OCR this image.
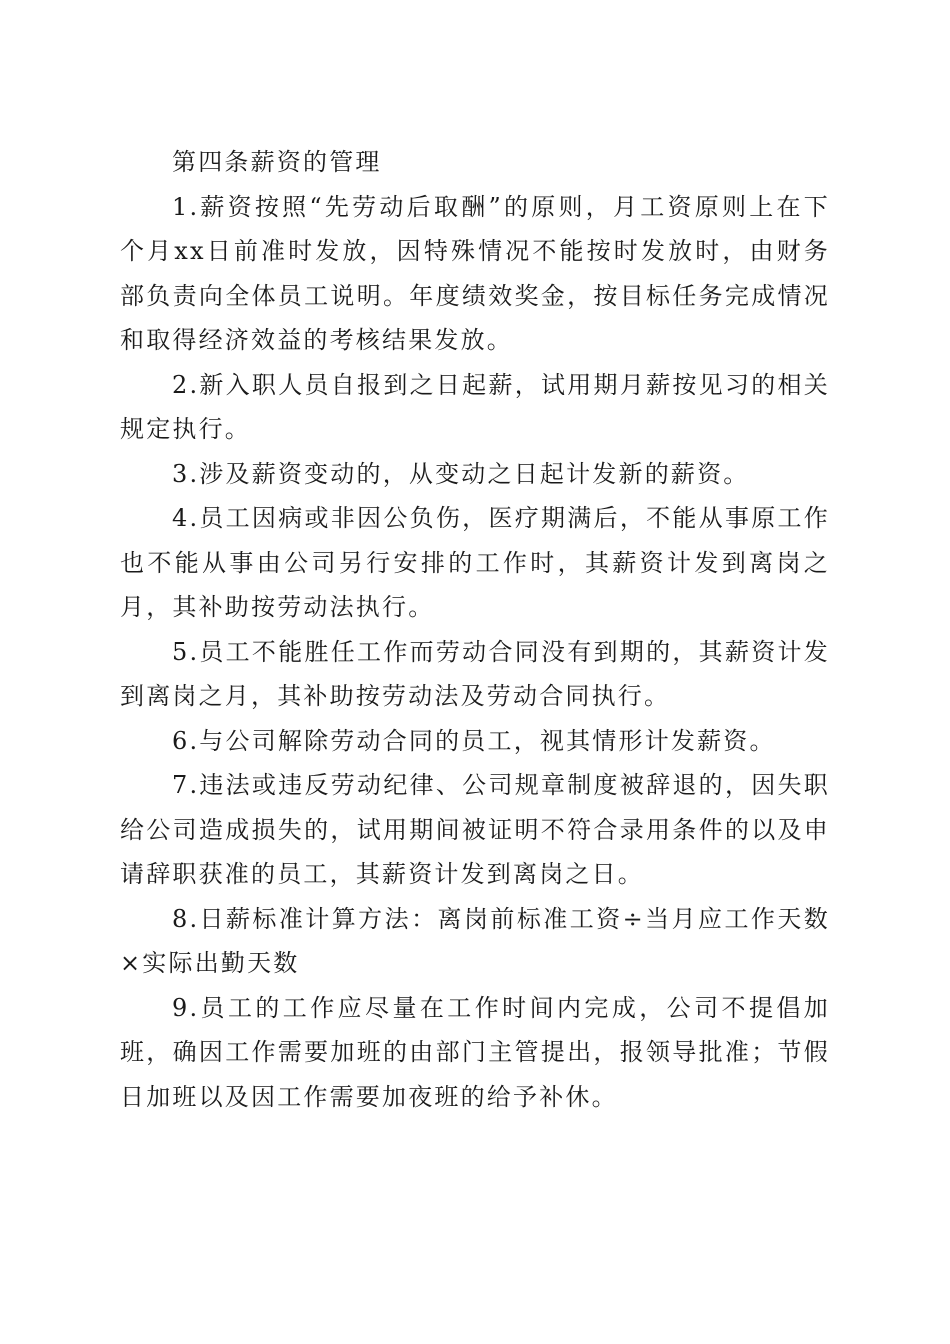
第四条薪资的管理

1.薪资按照“先劳动后取酬”的原则，月工资原则上在下个月xx日前准时发放，因特殊情况不能按时发放时，由财务部负责向全体员工说明。年度绩效奖金，按目标任务完成情况和取得经济效益的考核结果发放。

2.新入职人员自报到之日起薪，试用期月薪按见习的相关规定执行。

3.涉及薪资变动的，从变动之日起计发新的薪资。

4.员工因病或非因公负伤，医疗期满后，不能从事原工作也不能从事由公司另行安排的工作时，其薪资计发到离岗之月，其补助按劳动法执行。

5.员工不能胜任工作而劳动合同没有到期的，其薪资计发到离岗之月，其补助按劳动法及劳动合同执行。

6.与公司解除劳动合同的员工，视其情形计发薪资。

7.违法或违反劳动纪律、公司规章制度被辞退的，因失职给公司造成损失的，试用期间被证明不符合录用条件的以及申请辞职获准的员工，其薪资计发到离岗之日。

8.日薪标准计算方法：离岗前标准工资÷当月应工作天数×实际出勤天数

9.员工的工作应尽量在工作时间内完成，公司不提倡加班，确因工作需要加班的由部门主管提出，报领导批准；节假日加班以及因工作需要加夜班的给予补休。
